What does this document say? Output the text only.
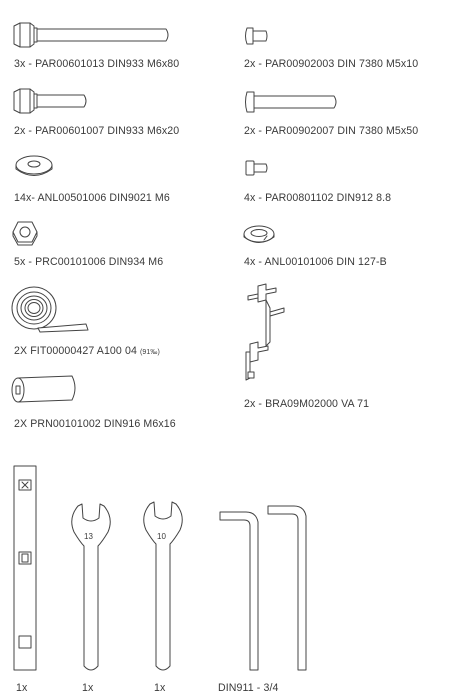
3x - PAR00601013 DIN933 M6x80	2x - PAR00902003 DIN 7380 M5x10
2x - PAR00601007 DIN933 M6x20	2x - PAR00902007 DIN 7380 M5x50
14x- ANL00501006 DIN9021 M6	4x - PAR00801102 DIN912 8.8
5x - PRC00101006 DIN934 M6	4x - ANL00101006 DIN 127-B
2X FIT00000427 A100 04 (91‰)
2x - BRA09M02000 VA 71
2X PRN00101002 DIN916 M6x16
1x
13
1x
10
1x	DIN911 - 3/4
